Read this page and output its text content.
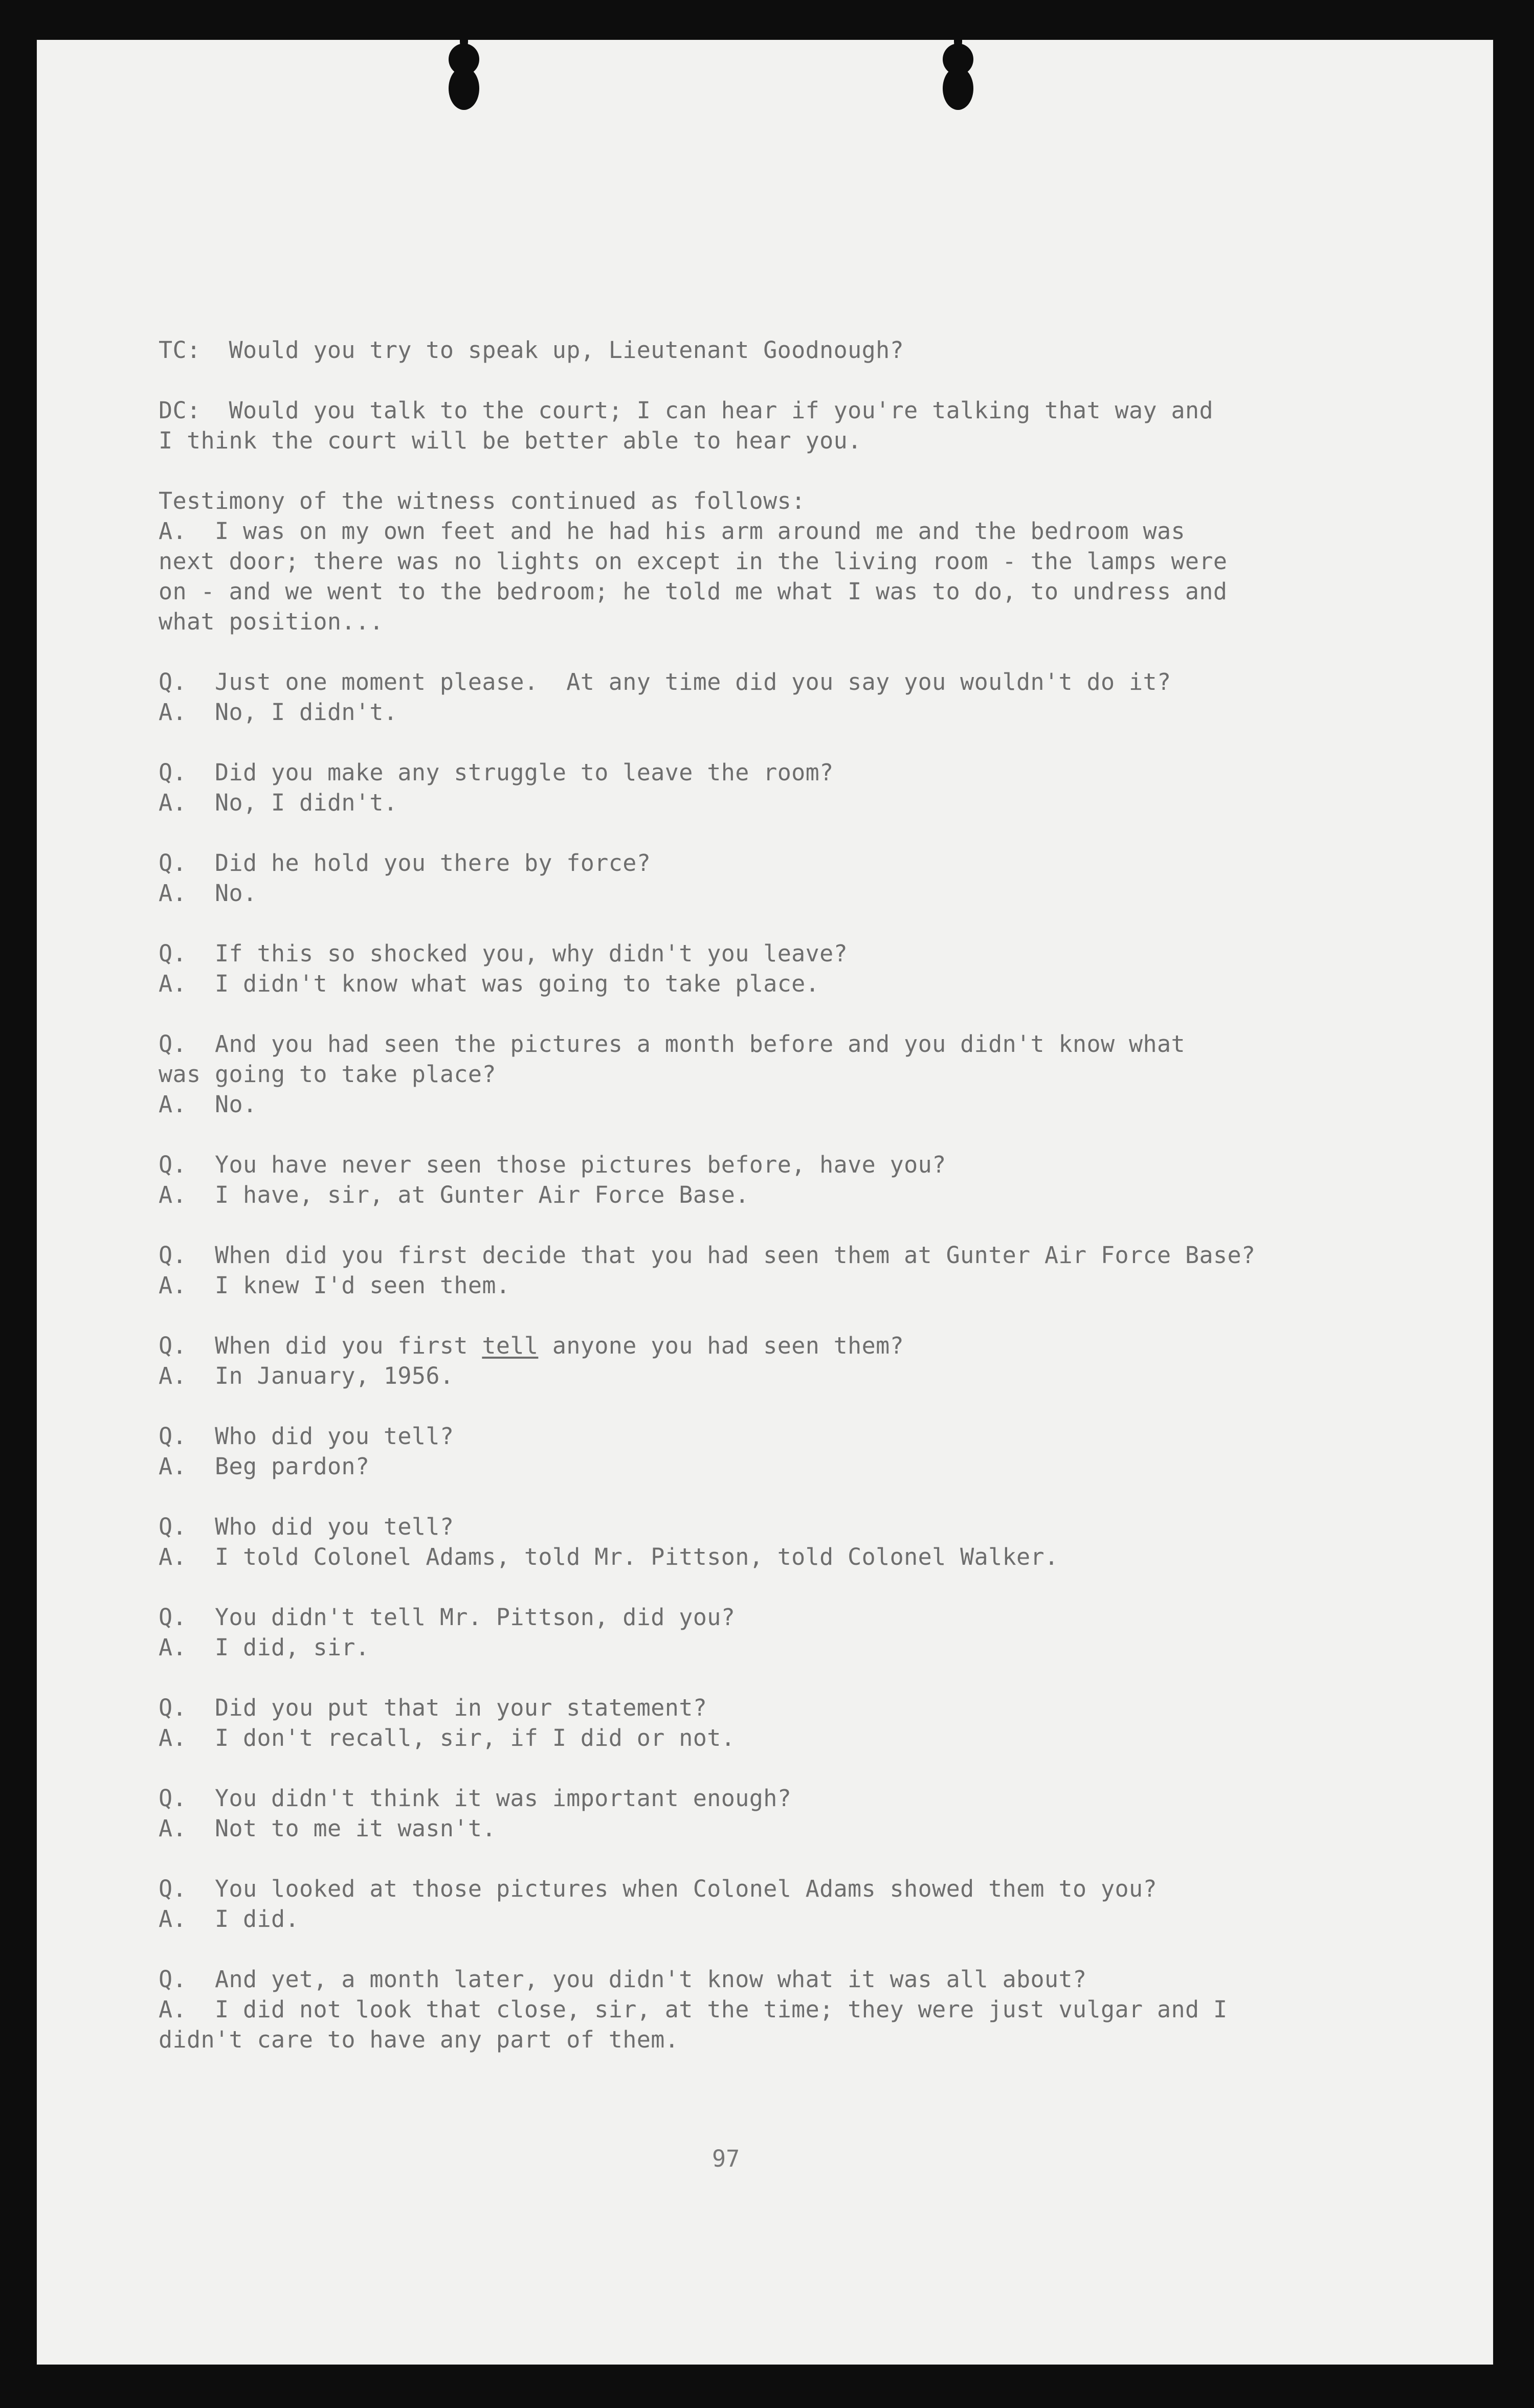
TC: Would you try to speak up, Lieutenant Goodnough?
DC: Would you talk to the court; I can hear if you're talking that way and
I think the court will be better able to hear you.
Testimony of the witness continued as follows:
A. I was on my own feet and he had his arm around me and the bedroom was
next door; there was no lights on except in the living room - the lamps were
on - and we went to the bedroom; he told me what I was to do, to undress and
what position...
Q. Just one moment please.  At any time did you say you wouldn't do it?
A. No, I didn't.
Q. Did you make any struggle to leave the room?
A. No, I didn't.
Q. Did he hold you there by force?
A. No.
Q. If this so shocked you, why didn't you leave?
A. I didn't know what was going to take place.
Q. And you had seen the pictures a month before and you didn't know what
was going to take place?
A. No.
Q. You have never seen those pictures before, have you?
A. I have, sir, at Gunter Air Force Base.
Q. When did you first decide that you had seen them at Gunter Air Force Base?
A. I knew I'd seen them.
Q. When did you first tell anyone you had seen them?
A. In January, 1956.
Q. Who did you tell?
A. Beg pardon?
Q. Who did you tell?
A. I told Colonel Adams, told Mr. Pittson, told Colonel Walker.
Q. You didn't tell Mr. Pittson, did you?
A. I did, sir.
Q. Did you put that in your statement?
A. I don't recall, sir, if I did or not.
Q. You didn't think it was important enough?
A. Not to me it wasn't.
Q. You looked at those pictures when Colonel Adams showed them to you?
A. I did.
Q. And yet, a month later, you didn't know what it was all about?
A. I did not look that close, sir, at the time; they were just vulgar and I
didn't care to have any part of them.
97
